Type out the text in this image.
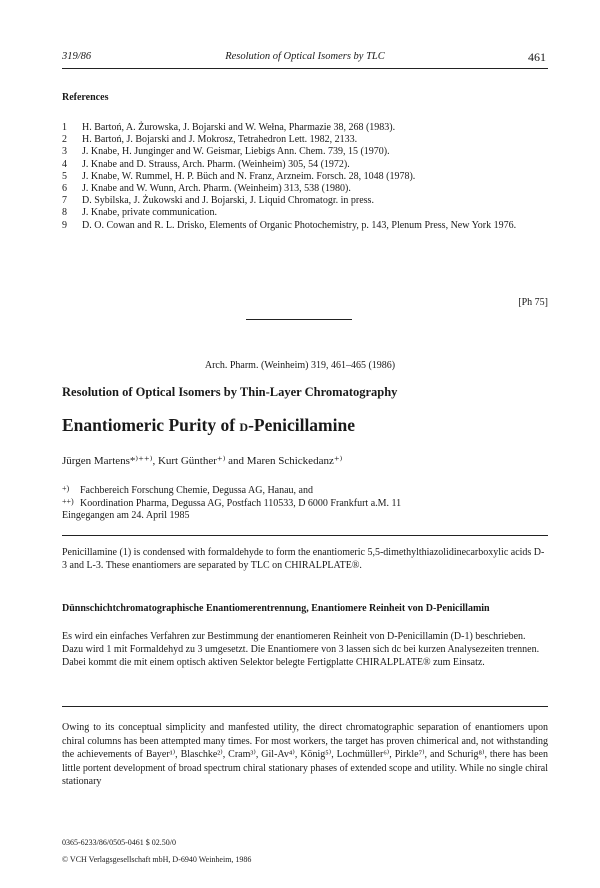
319/86	Resolution of Optical Isomers by TLC	461
References
1 H. Bartoń, A. Żurowska, J. Bojarski and W. Wełna, Pharmazie 38, 268 (1983).
2 H. Bartoń, J. Bojarski and J. Mokrosz, Tetrahedron Lett. 1982, 2133.
3 J. Knabe, H. Junginger and W. Geismar, Liebigs Ann. Chem. 739, 15 (1970).
4 J. Knabe and D. Strauss, Arch. Pharm. (Weinheim) 305, 54 (1972).
5 J. Knabe, W. Rummel, H. P. Büch and N. Franz, Arzneim. Forsch. 28, 1048 (1978).
6 J. Knabe and W. Wunn, Arch. Pharm. (Weinheim) 313, 538 (1980).
7 D. Sybilska, J. Żukowski and J. Bojarski, J. Liquid Chromatogr. in press.
8 J. Knabe, private communication.
9 D. O. Cowan and R. L. Drisko, Elements of Organic Photochemistry, p. 143, Plenum Press, New York 1976.
[Ph 75]
Arch. Pharm. (Weinheim) 319, 461–465 (1986)
Resolution of Optical Isomers by Thin-Layer Chromatography
Enantiomeric Purity of d-Penicillamine
Jürgen Martens*⁾⁺⁺⁾, Kurt Günther⁺⁾ and Maren Schickedanz⁺⁾
+) Fachbereich Forschung Chemie, Degussa AG, Hanau, and
++) Koordination Pharma, Degussa AG, Postfach 110533, D 6000 Frankfurt a.M. 11
Eingegangen am 24. April 1985

Penicillamine (1) is condensed with formaldehyde to form the enantiomeric 5,5-dimethylthiazolidinecarboxylic acids D-3 and L-3. These enantiomers are separated by TLC on CHIRALPLATE®.

Dünnschichtchromatographische Enantiomerentrennung, Enantiomere Reinheit von D-Penicillamin

Es wird ein einfaches Verfahren zur Bestimmung der enantiomeren Reinheit von D-Penicillamin (D-1) beschrieben. Dazu wird 1 mit Formaldehyd zu 3 umgesetzt. Die Enantiomere von 3 lassen sich dc bei kurzen Analysezeiten trennen. Dabei kommt die mit einem optisch aktiven Selektor belegte Fertigplatte CHIRALPLATE® zum Einsatz.

Owing to its conceptual simplicity and manfested utility, the direct chromatographic separation of enantiomers upon chiral columns has been attempted many times. For most workers, the target has proven chimerical and, not withstanding the achievements of Bayer¹⁾, Blaschke²⁾, Cram³⁾, Gil-Av⁴⁾, König⁵⁾, Lochmüller⁶⁾, Pirkle⁷⁾, and Schurig⁸⁾, there has been little portent development of broad spectrum chiral stationary phases of extended scope and utility. While no single chiral stationary

0365-6233/86/0505-0461 $ 02.50/0
© VCH Verlagsgesellschaft mbH, D-6940 Weinheim, 1986
